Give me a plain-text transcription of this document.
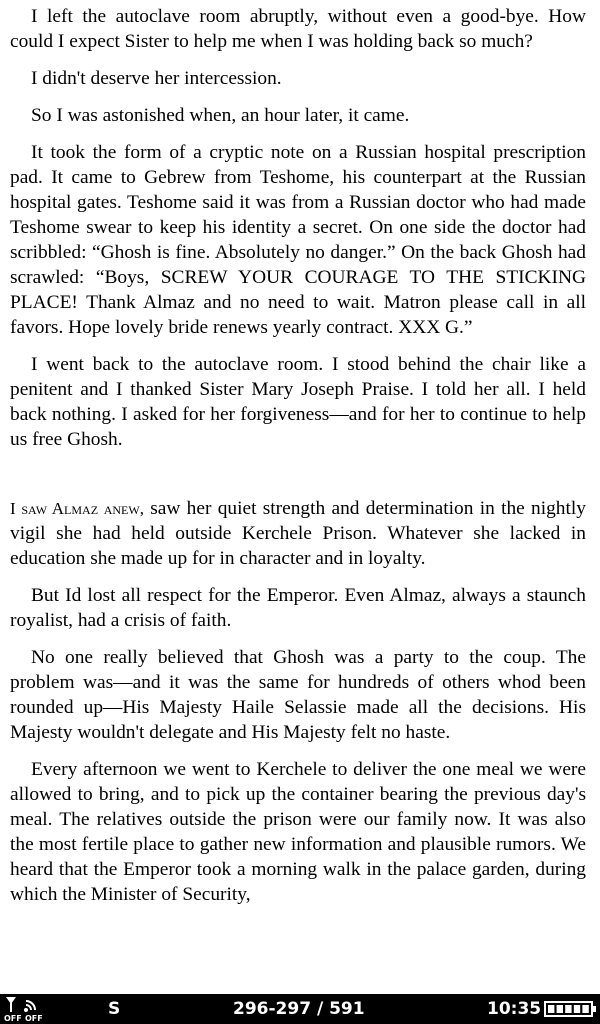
I left the autoclave room abruptly, without even a good-bye. How could I expect Sister to help me when I was holding back so much?

I didn't deserve her intercession.

So I was astonished when, an hour later, it came.

It took the form of a cryptic note on a Russian hospital prescription pad. It came to Gebrew from Teshome, his counterpart at the Russian hospital gates. Teshome said it was from a Russian doctor who had made Teshome swear to keep his identity a secret. On one side the doctor had scribbled: “Ghosh is fine. Absolutely no danger.” On the back Ghosh had scrawled: “Boys, SCREW YOUR COURAGE TO THE STICKING PLACE! Thank Almaz and no need to wait. Matron please call in all favors. Hope lovely bride renews yearly contract. XXX G.”

I went back to the autoclave room. I stood behind the chair like a penitent and I thanked Sister Mary Joseph Praise. I told her all. I held back nothing. I asked for her forgiveness—and for her to continue to help us free Ghosh.

I saw Almaz anew, saw her quiet strength and determination in the nightly vigil she had held outside Kerchele Prison. Whatever she lacked in education she made up for in character and in loyalty.

But Id lost all respect for the Emperor. Even Almaz, always a staunch royalist, had a crisis of faith.

No one really believed that Ghosh was a party to the coup. The problem was—and it was the same for hundreds of others whod been rounded up—His Majesty Haile Selassie made all the decisions. His Majesty wouldn't delegate and His Majesty felt no haste.

Every afternoon we went to Kerchele to deliver the one meal we were allowed to bring, and to pick up the container bearing the previous day's meal. The relatives outside the prison were our family now. It was also the most fertile place to gather new information and plausible rumors. We heard that the Emperor took a morning walk in the palace garden, during which the Minister of Security,

OFF OFF	S	296-297 / 591	10:35
